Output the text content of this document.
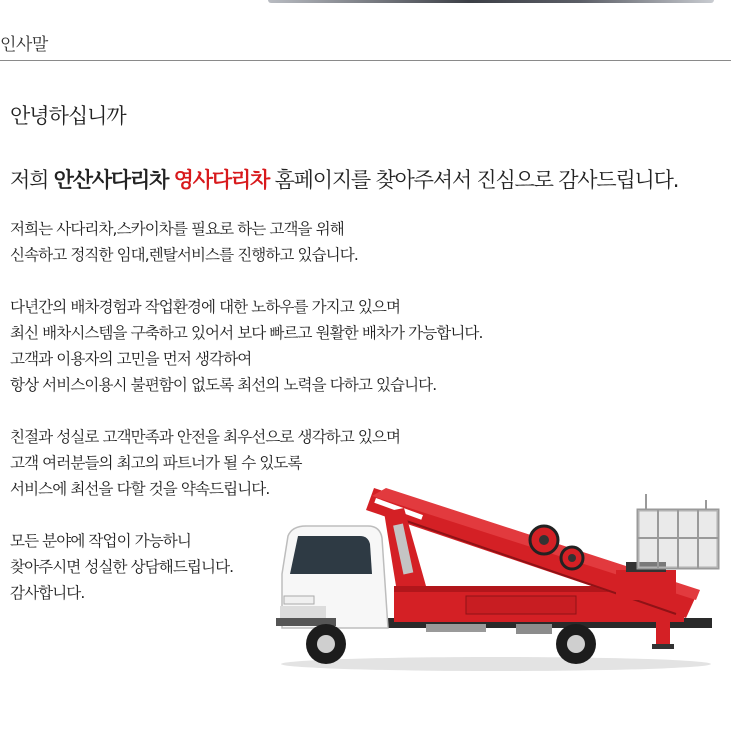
인사말
안녕하십니까
저희 안산사다리차 영사다리차 홈페이지를 찾아주셔서 진심으로 감사드립니다.

저희는 사다리차,스카이차를 필요로 하는 고객을 위해
신속하고 정직한 임대,렌탈서비스를 진행하고 있습니다.

다년간의 배차경험과 작업환경에 대한 노하우를 가지고 있으며
최신 배차시스템을 구축하고 있어서 보다 빠르고 원활한 배차가 가능합니다.
고객과 이용자의 고민을 먼저 생각하여
항상 서비스이용시 불편함이 없도록 최선의 노력을 다하고 있습니다.

친절과 성실로 고객만족과 안전을 최우선으로 생각하고 있으며
고객 여러분들의 최고의 파트너가 될 수 있도록
서비스에 최선을 다할 것을 약속드립니다.

모든 분야에 작업이 가능하니
찾아주시면 성실한 상담해드립니다.
감사합니다.
